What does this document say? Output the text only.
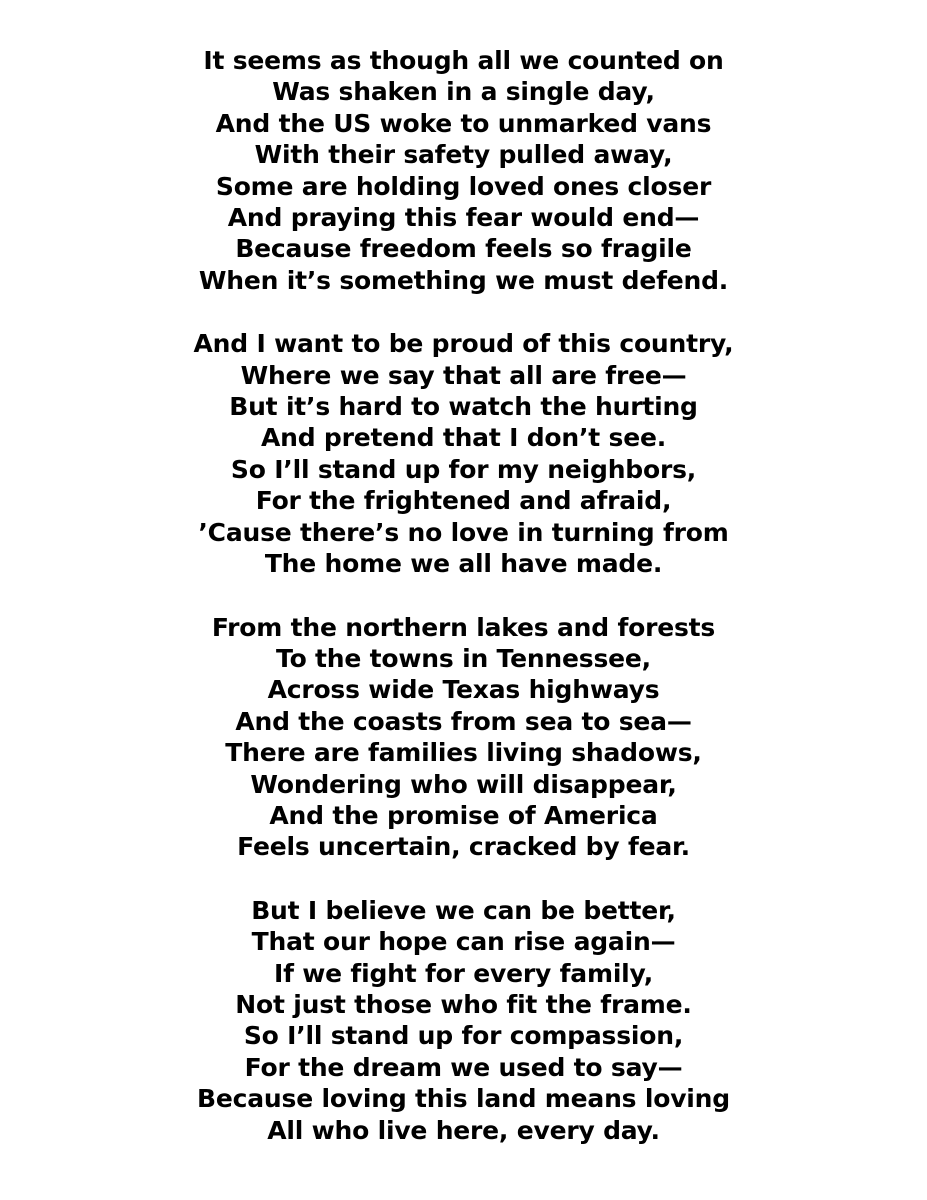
It seems as though all we counted on
Was shaken in a single day,
And the US woke to unmarked vans
With their safety pulled away,
Some are holding loved ones closer
And praying this fear would end—
Because freedom feels so fragile
When it’s something we must defend.
And I want to be proud of this country,
Where we say that all are free—
But it’s hard to watch the hurting
And pretend that I don’t see.
So I’ll stand up for my neighbors,
For the frightened and afraid,
’Cause there’s no love in turning from
The home we all have made.
From the northern lakes and forests
To the towns in Tennessee,
Across wide Texas highways
And the coasts from sea to sea—
There are families living shadows,
Wondering who will disappear,
And the promise of America
Feels uncertain, cracked by fear.
But I believe we can be better,
That our hope can rise again—
If we fight for every family,
Not just those who fit the frame.
So I’ll stand up for compassion,
For the dream we used to say—
Because loving this land means loving
All who live here, every day.
